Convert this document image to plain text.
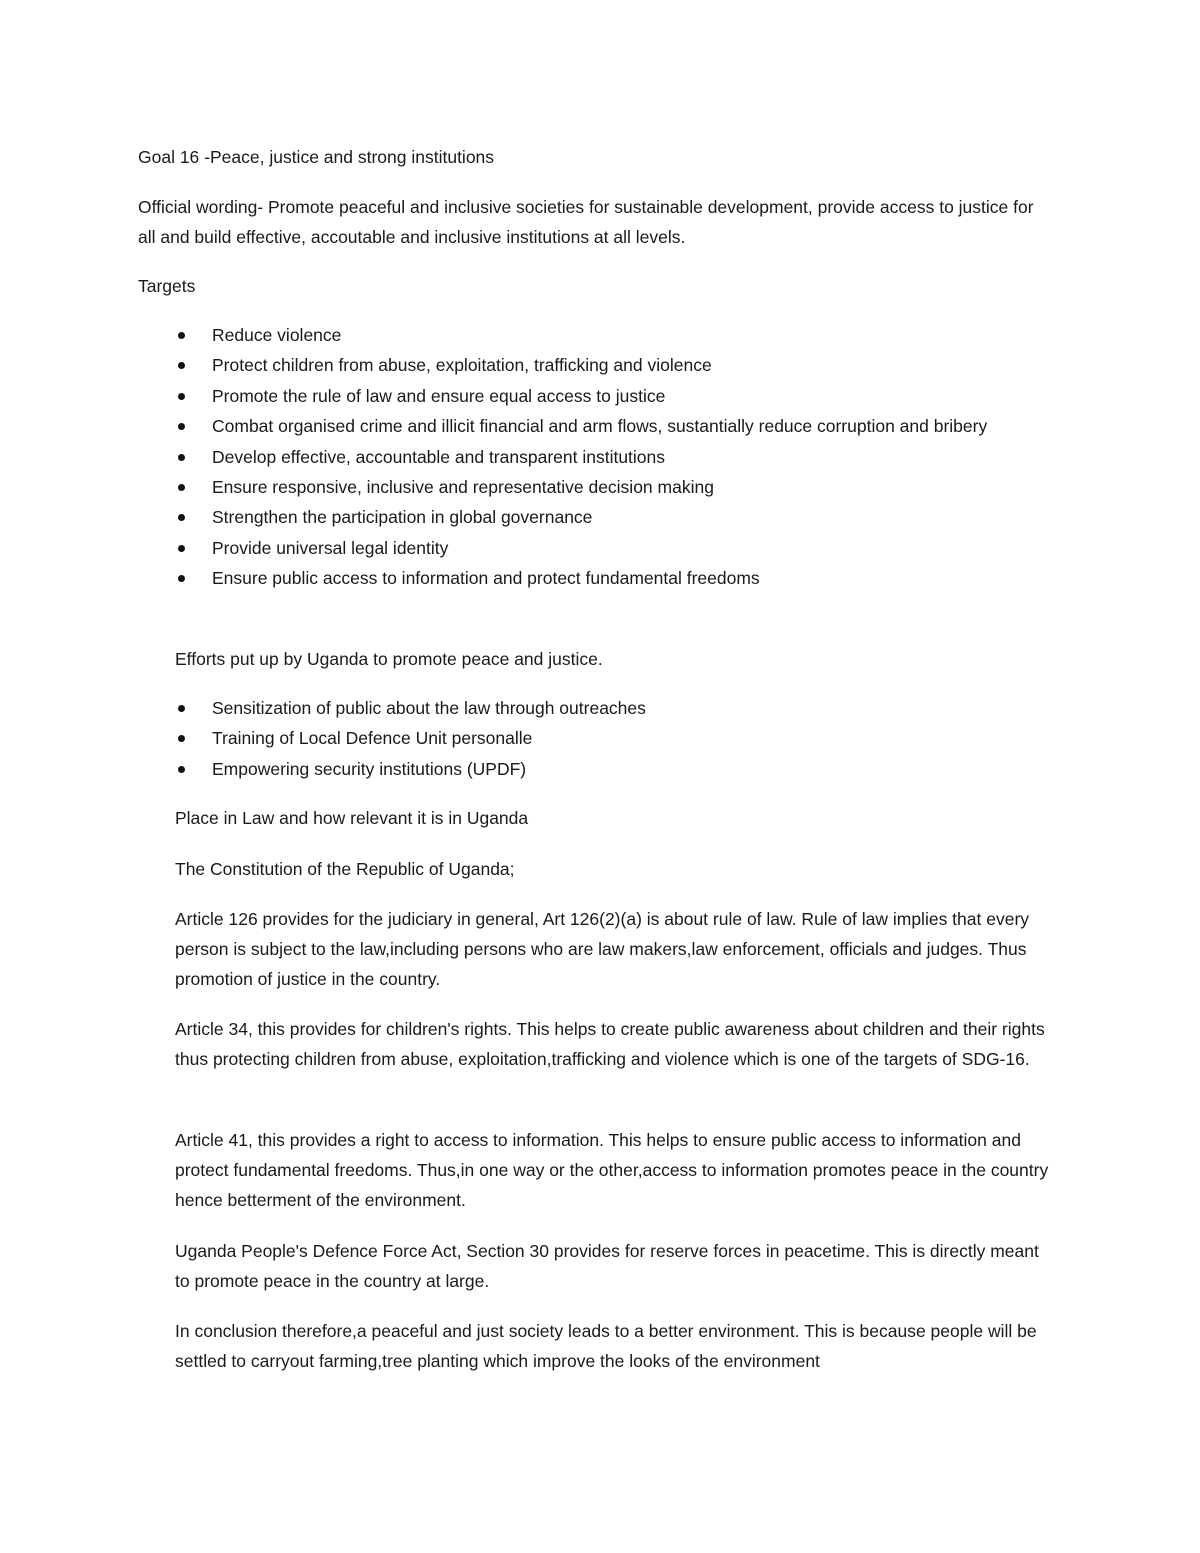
Goal 16 -Peace, justice and strong institutions

Official wording- Promote peaceful and inclusive societies for sustainable development, provide access to justice for all and build effective, accoutable and inclusive institutions at all levels.

Targets

Reduce violence
Protect children from abuse, exploitation, trafficking and violence
Promote the rule of law and ensure equal access to justice
Combat organised crime and illicit financial and arm flows, sustantially reduce corruption and bribery
Develop effective, accountable and transparent institutions
Ensure responsive, inclusive and representative decision making
Strengthen the participation in global governance
Provide universal legal identity
Ensure public access to information and protect fundamental freedoms

Efforts put up by Uganda to promote peace and justice.

Sensitization of public about the law through outreaches
Training of Local Defence Unit personalle
Empowering security institutions (UPDF)

Place in Law and how relevant it is in Uganda

The Constitution of the Republic of Uganda;

Article 126 provides for the judiciary in general, Art 126(2)(a) is about rule of law. Rule of law implies that every person is subject to the law,including persons who are law makers,law enforcement, officials and judges. Thus promotion of justice in the country.

Article 34, this provides for children's rights. This helps to create public awareness about children and their rights thus protecting children from abuse, exploitation,trafficking and violence which is one of the targets of SDG-16.

Article 41, this provides a right to access to information. This helps to ensure public access to information and protect fundamental freedoms. Thus,in one way or the other,access to information promotes peace in the country hence betterment of the environment.

Uganda People's Defence Force Act, Section 30 provides for reserve forces in peacetime. This is directly meant to promote peace in the country at large.

In conclusion therefore,a peaceful and just society leads to a better environment. This is because people will be settled to carryout farming,tree planting which improve the looks of the environment
